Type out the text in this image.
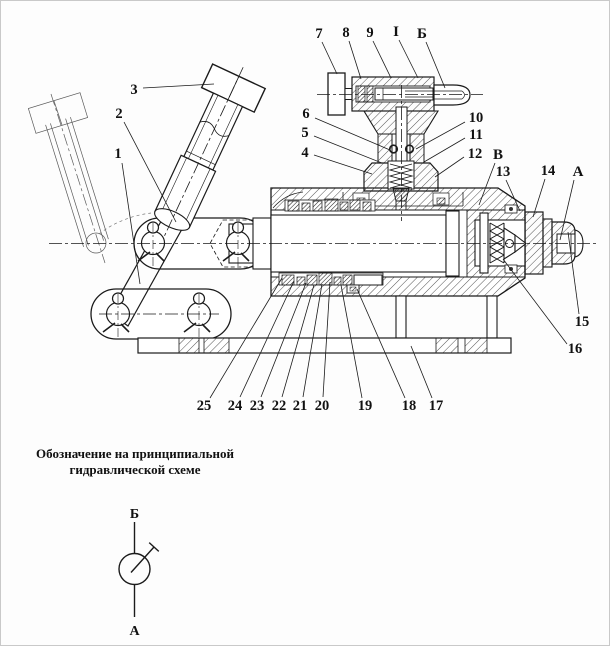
1
2
3
4
5
6
7 8 9 I Б
10
11
12 В
13 14 А
15
16
17
18
19
20
21
22
23
24
25
Обозначение на принципиальной
гидравлической схеме
Б
А
